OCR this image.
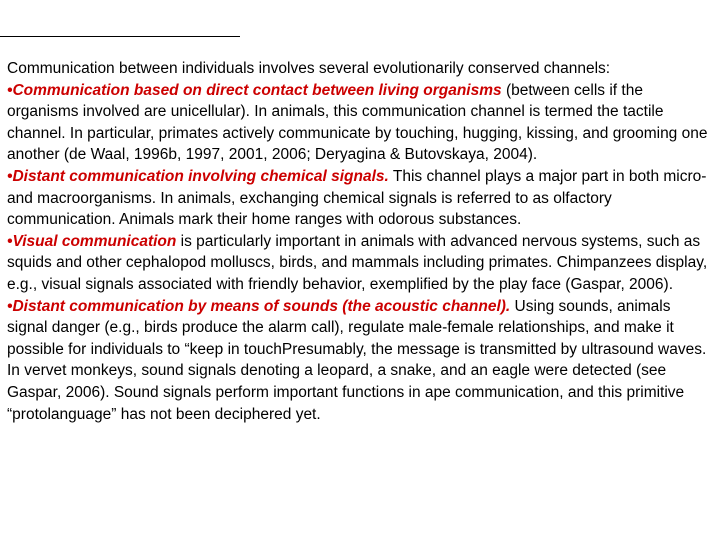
Communication between individuals involves several evolutionarily conserved channels:

•Communication based on direct contact between living organisms (between cells if the organisms involved are unicellular). In animals, this communication channel is termed the tactile channel. In particular, primates actively communicate by touching, hugging, kissing, and grooming one another (de Waal, 1996b, 1997, 2001, 2006; Deryagina & Butovskaya, 2004).

•Distant communication involving chemical signals. This channel plays a major part in both micro- and macroorganisms. In animals, exchanging chemical signals is referred to as olfactory communication. Animals mark their home ranges with odorous substances.

•Visual communication is particularly important in animals with advanced nervous systems, such as squids and other cephalopod molluscs, birds, and mammals including primates. Chimpanzees display, e.g., visual signals associated with friendly behavior, exemplified by the play face (Gaspar, 2006).

•Distant communication by means of sounds (the acoustic channel). Using sounds, animals signal danger (e.g., birds produce the alarm call), regulate male-female relationships, and make it possible for individuals to “keep in touchPresumably, the message is transmitted by ultrasound waves.

In vervet monkeys, sound signals denoting a leopard, a snake, and an eagle were detected (see Gaspar, 2006). Sound signals perform important functions in ape communication, and this primitive “protolanguage” has not been deciphered yet.
